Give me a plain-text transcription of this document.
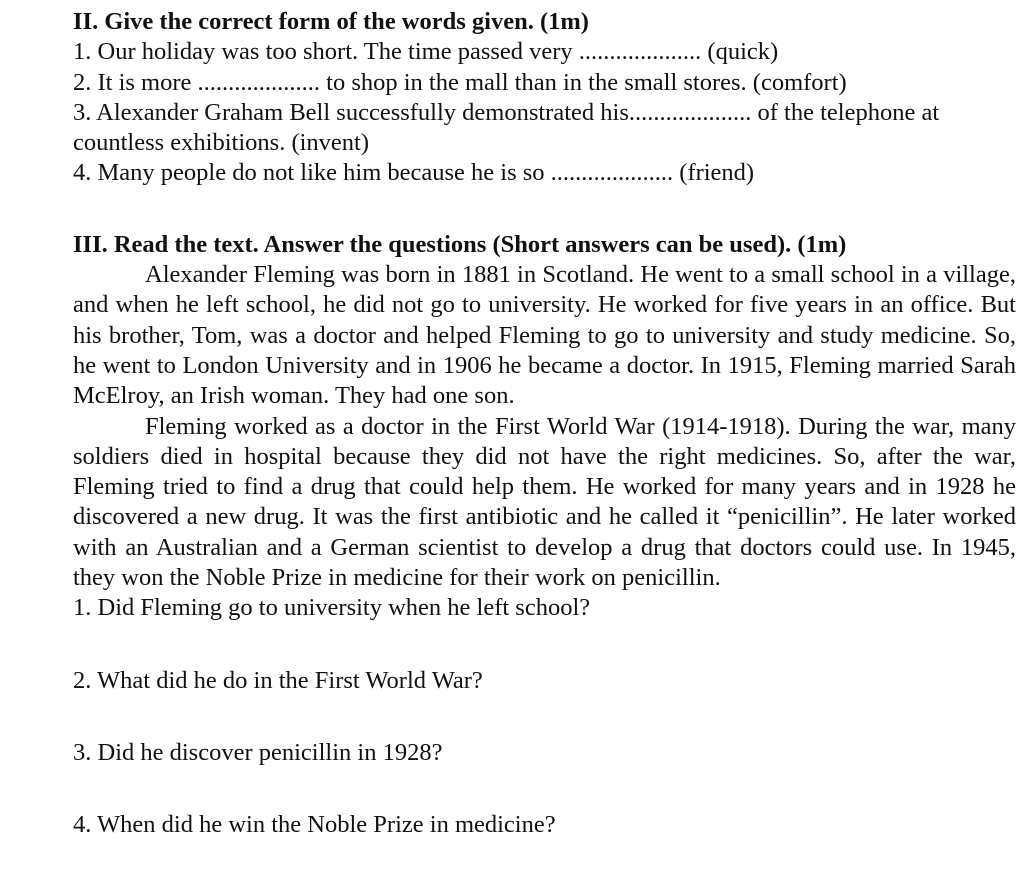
II. Give the correct form of the words given. (1m)

1. Our holiday was too short. The time passed very .................... (quick)

2. It is more .................... to shop in the mall than in the small stores. (comfort)

3. Alexander Graham Bell successfully demonstrated his.................... of the telephone at countless exhibitions. (invent)

4. Many people do not like him because he is so .................... (friend)

III. Read the text. Answer the questions (Short answers can be used). (1m)

Alexander Fleming was born in 1881 in Scotland. He went to a small school in a village, and when he left school, he did not go to university. He worked for five years in an office. But his brother, Tom, was a doctor and helped Fleming to go to university and study medicine. So, he went to London University and in 1906 he became a doctor. In 1915, Fleming married Sarah McElroy, an Irish woman. They had one son.

Fleming worked as a doctor in the First World War (1914-1918). During the war, many soldiers died in hospital because they did not have the right medicines. So, after the war, Fleming tried to find a drug that could help them. He worked for many years and in 1928 he discovered a new drug. It was the first antibiotic and he called it “penicillin”. He later worked with an Australian and a German scientist to develop a drug that doctors could use. In 1945, they won the Noble Prize in medicine for their work on penicillin.

1. Did Fleming go to university when he left school?

2. What did he do in the First World War?

3. Did he discover penicillin in 1928?

4. When did he win the Noble Prize in medicine?
